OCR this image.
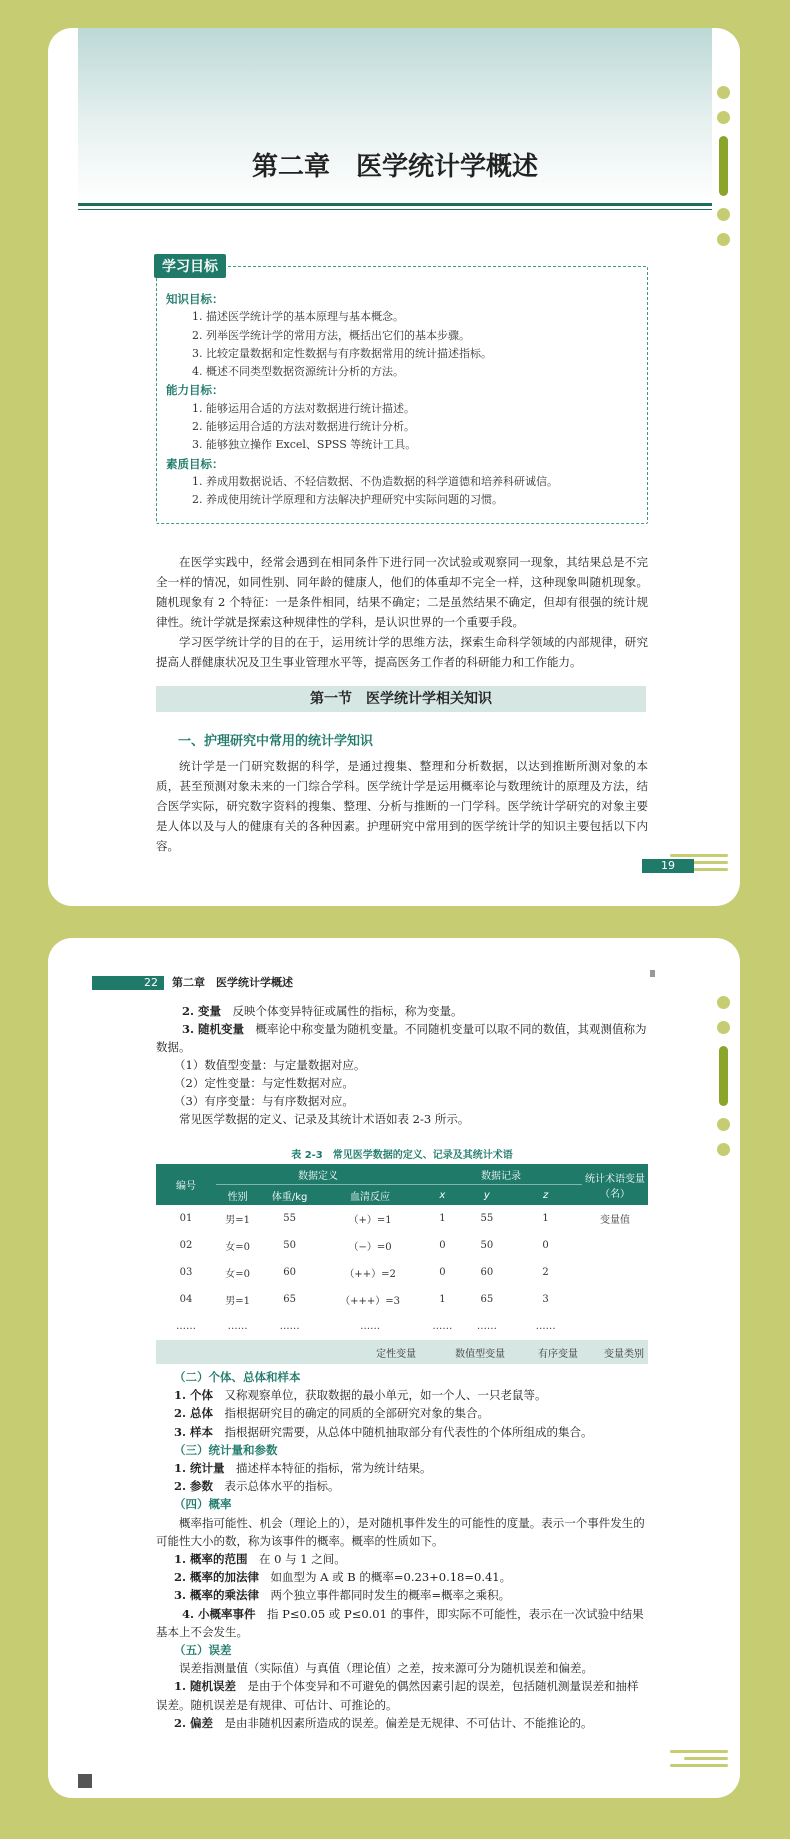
第二章　医学统计学概述
学习目标
知识目标：
1. 描述医学统计学的基本原理与基本概念。
2. 列举医学统计学的常用方法，概括出它们的基本步骤。
3. 比较定量数据和定性数据与有序数据常用的统计描述指标。
4. 概述不同类型数据资源统计分析的方法。
能力目标：
1. 能够运用合适的方法对数据进行统计描述。
2. 能够运用合适的方法对数据进行统计分析。
3. 能够独立操作 Excel、SPSS 等统计工具。
素质目标：
1. 养成用数据说话、不轻信数据、不伪造数据的科学道德和培养科研诚信。
2. 养成使用统计学原理和方法解决护理研究中实际问题的习惯。
在医学实践中，经常会遇到在相同条件下进行同一次试验或观察同一现象，其结果总是不完全一样的情况，如同性别、同年龄的健康人，他们的体重却不完全一样，这种现象叫随机现象。随机现象有 2 个特征：一是条件相同，结果不确定；二是虽然结果不确定，但却有很强的统计规律性。统计学就是探索这种规律性的学科，是认识世界的一个重要手段。
学习医学统计学的目的在于，运用统计学的思维方法，探索生命科学领域的内部规律，研究提高人群健康状况及卫生事业管理水平等，提高医务工作者的科研能力和工作能力。
第一节　医学统计学相关知识
一、护理研究中常用的统计学知识
统计学是一门研究数据的科学，是通过搜集、整理和分析数据，以达到推断所测对象的本质，甚至预测对象未来的一门综合学科。医学统计学是运用概率论与数理统计的原理及方法，结合医学实际，研究数字资料的搜集、整理、分析与推断的一门学科。医学统计学研究的对象主要是人体以及与人的健康有关的各种因素。护理研究中常用到的医学统计学的知识主要包括以下内容。
19
22	第二章　医学统计学概述
2. 变量　反映个体变异特征或属性的指标，称为变量。
3. 随机变量　概率论中称变量为随机变量。不同随机变量可以取不同的数值，其观测值称为数据。
（1）数值型变量：与定量数据对应。
（2）定性变量：与定性数据对应。
（3）有序变量：与有序数据对应。
常见医学数据的定义、记录及其统计术语如表 2-3 所示。
表 2-3　常见医学数据的定义、记录及其统计术语
编号	数据定义			数据记录			统计术语变量（名）
	性别	体重/kg	血清反应	x	y	z	
01	男=1	55	（+）=1	1	55	1	变量值
02	女=0	50	（−）=0	0	50	0	
03	女=0	60	（++）=2	0	60	2	
04	男=1	65	（+++）=3	1	65	3	
……	……	……	……	……	……	……	
			定性变量	数值型变量		有序变量	变量类别
（二）个体、总体和样本
1. 个体　又称观察单位，获取数据的最小单元，如一个人、一只老鼠等。
2. 总体　指根据研究目的确定的同质的全部研究对象的集合。
3. 样本　指根据研究需要，从总体中随机抽取部分有代表性的个体所组成的集合。
（三）统计量和参数
1. 统计量　描述样本特征的指标，常为统计结果。
2. 参数　表示总体水平的指标。
（四）概率
概率指可能性、机会（理论上的），是对随机事件发生的可能性的度量。表示一个事件发生的可能性大小的数，称为该事件的概率。概率的性质如下。
1. 概率的范围　在 0 与 1 之间。
2. 概率的加法律　如血型为 A 或 B 的概率=0.23+0.18=0.41。
3. 概率的乘法律　两个独立事件都同时发生的概率=概率之乘积。
4. 小概率事件　指 P≤0.05 或 P≤0.01 的事件，即实际不可能性，表示在一次试验中结果基本上不会发生。
（五）误差
误差指测量值（实际值）与真值（理论值）之差，按来源可分为随机误差和偏差。
1. 随机误差　是由于个体变异和不可避免的偶然因素引起的误差，包括随机测量误差和抽样误差。随机误差是有规律、可估计、可推论的。
2. 偏差　是由非随机因素所造成的误差。偏差是无规律、不可估计、不能推论的。
